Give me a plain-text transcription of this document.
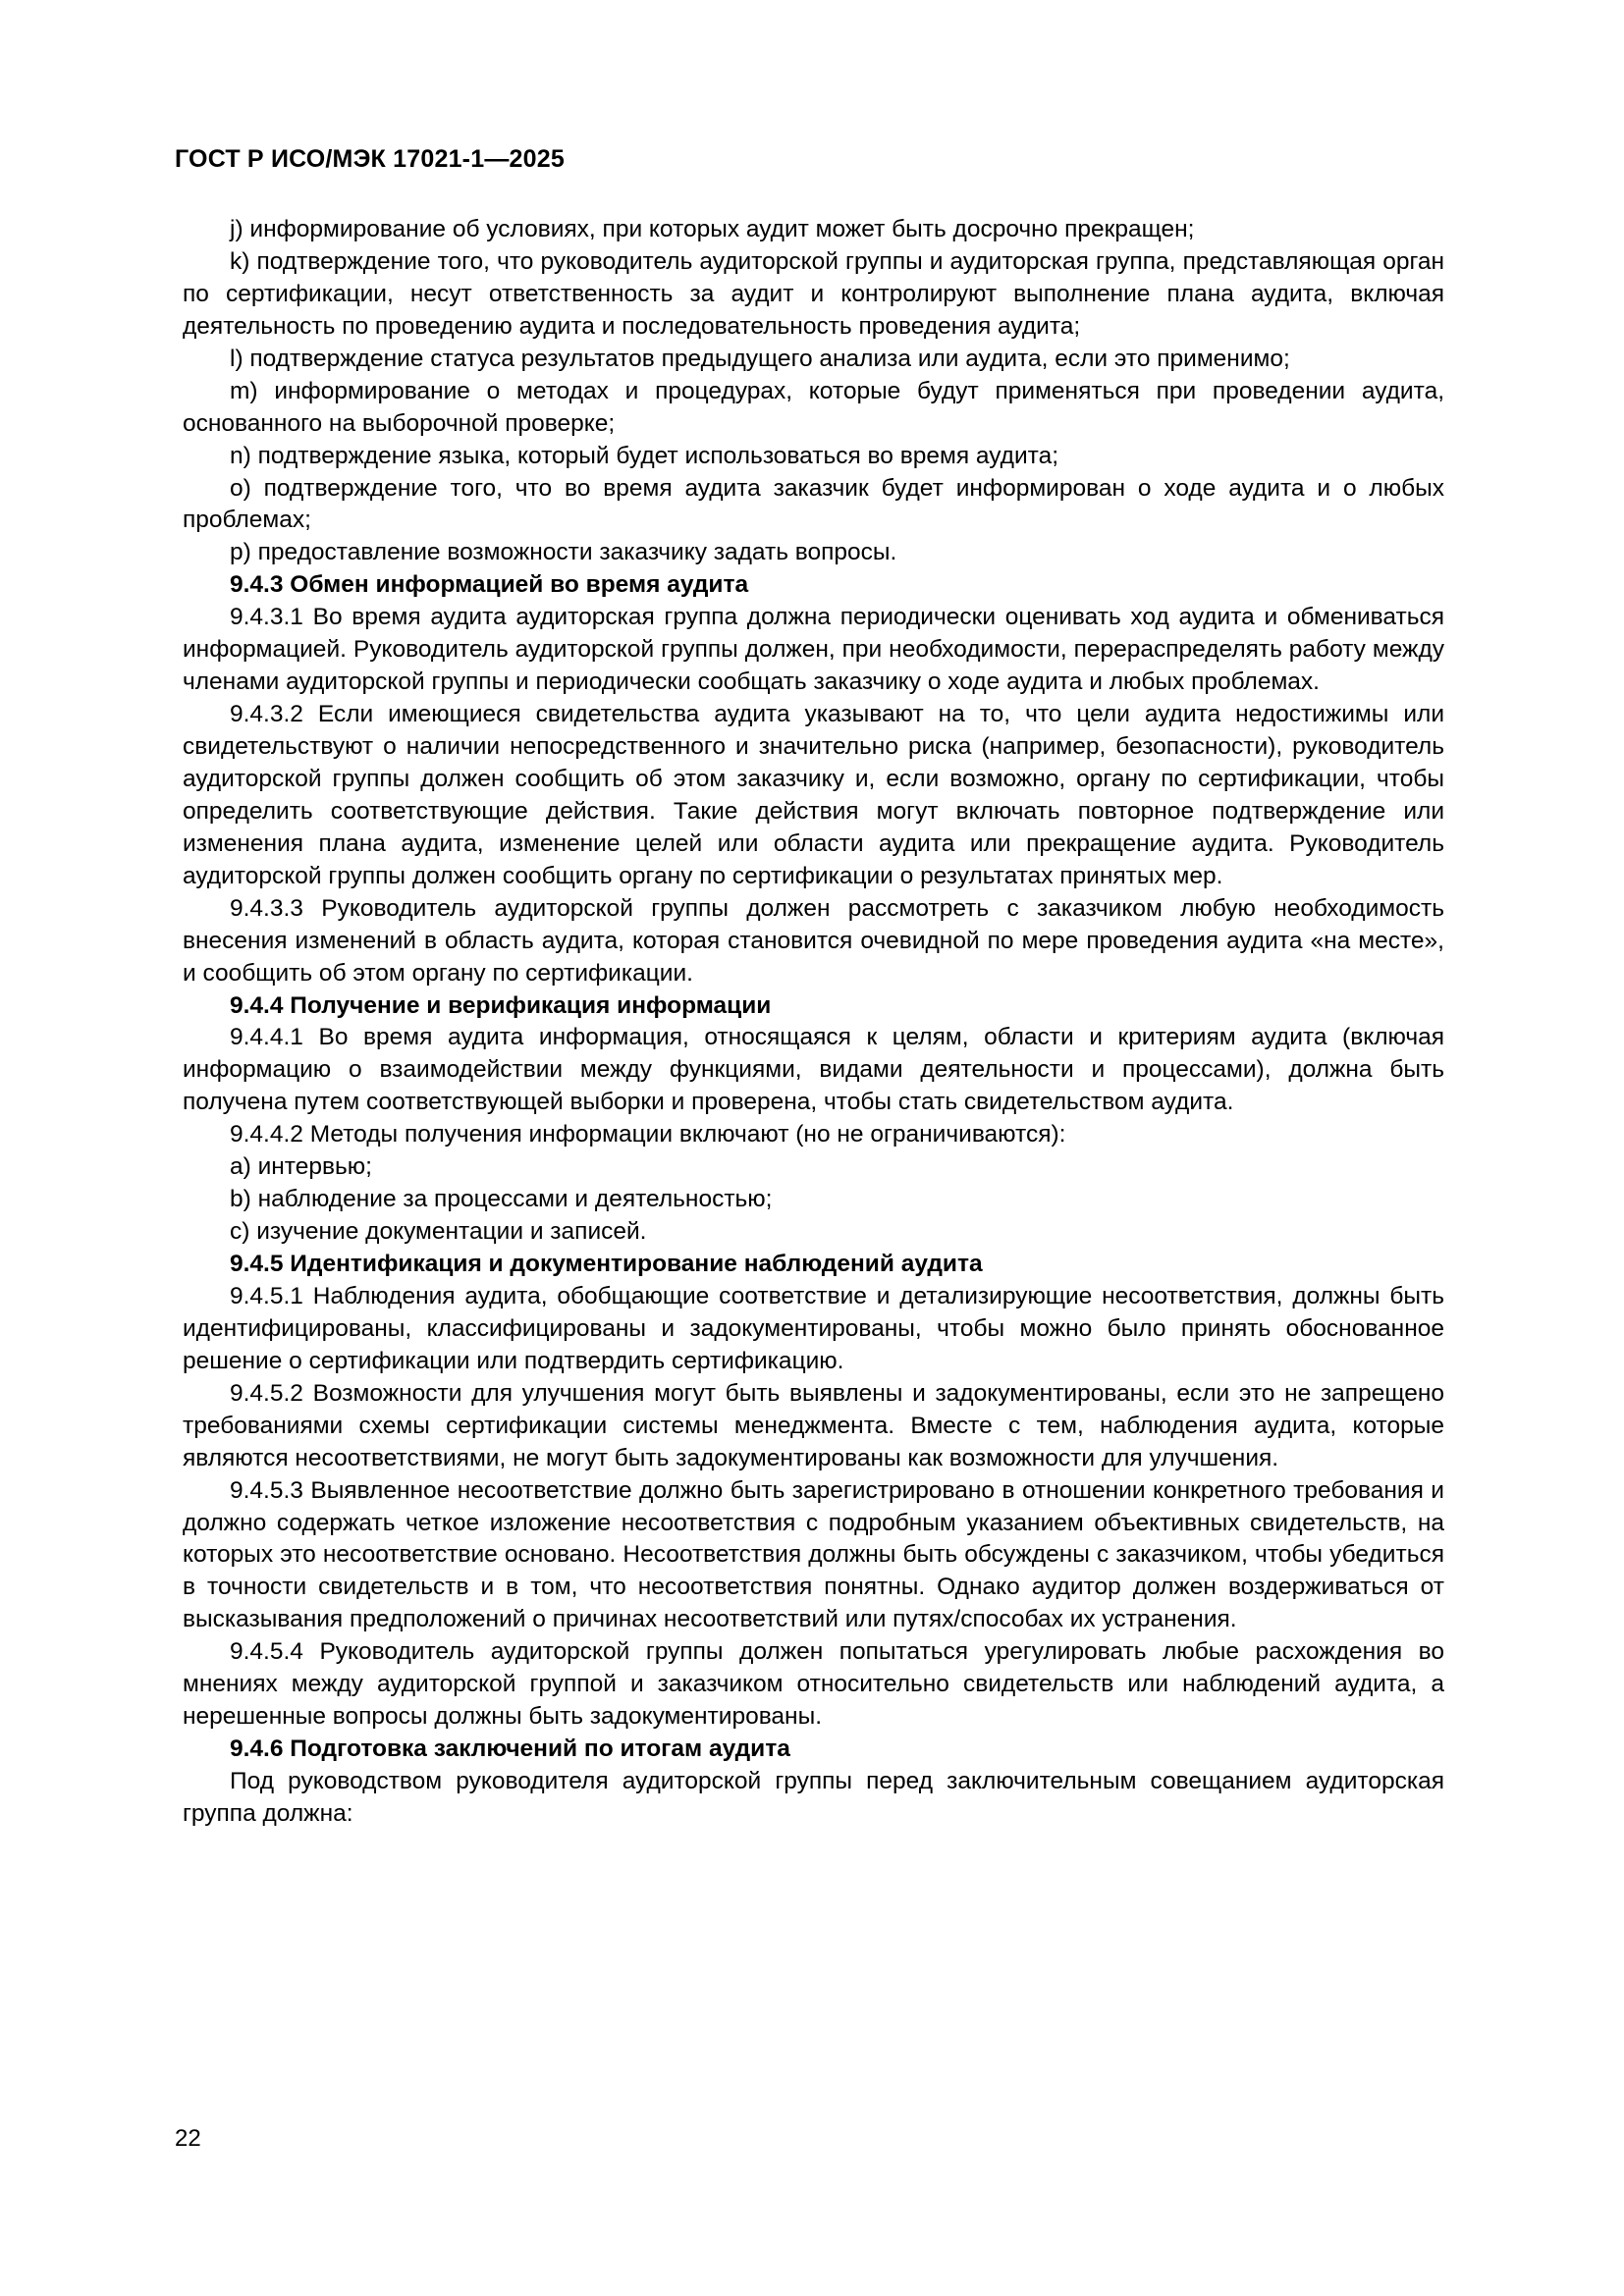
ГОСТ Р ИСО/МЭК 17021-1—2025

j) информирование об условиях, при которых аудит может быть досрочно прекращен;

k) подтверждение того, что руководитель аудиторской группы и аудиторская группа, представляющая орган по сертификации, несут ответственность за аудит и контролируют выполнение плана аудита, включая деятельность по проведению аудита и последовательность проведения аудита;

l) подтверждение статуса результатов предыдущего анализа или аудита, если это применимо;

m) информирование о методах и процедурах, которые будут применяться при проведении аудита, основанного на выборочной проверке;

n) подтверждение языка, который будет использоваться во время аудита;

o) подтверждение того, что во время аудита заказчик будет информирован о ходе аудита и о любых проблемах;

p) предоставление возможности заказчику задать вопросы.

9.4.3 Обмен информацией во время аудита

9.4.3.1 Во время аудита аудиторская группа должна периодически оценивать ход аудита и обмениваться информацией. Руководитель аудиторской группы должен, при необходимости, перераспределять работу между членами аудиторской группы и периодически сообщать заказчику о ходе аудита и любых проблемах.

9.4.3.2 Если имеющиеся свидетельства аудита указывают на то, что цели аудита недостижимы или свидетельствуют о наличии непосредственного и значительно риска (например, безопасности), руководитель аудиторской группы должен сообщить об этом заказчику и, если возможно, органу по сертификации, чтобы определить соответствующие действия. Такие действия могут включать повторное подтверждение или изменения плана аудита, изменение целей или области аудита или прекращение аудита. Руководитель аудиторской группы должен сообщить органу по сертификации о результатах принятых мер.

9.4.3.3 Руководитель аудиторской группы должен рассмотреть с заказчиком любую необходимость внесения изменений в область аудита, которая становится очевидной по мере проведения аудита «на месте», и сообщить об этом органу по сертификации.

9.4.4 Получение и верификация информации

9.4.4.1 Во время аудита информация, относящаяся к целям, области и критериям аудита (включая информацию о взаимодействии между функциями, видами деятельности и процессами), должна быть получена путем соответствующей выборки и проверена, чтобы стать свидетельством аудита.

9.4.4.2 Методы получения информации включают (но не ограничиваются):

a) интервью;

b) наблюдение за процессами и деятельностью;

c) изучение документации и записей.

9.4.5 Идентификация и документирование наблюдений аудита

9.4.5.1 Наблюдения аудита, обобщающие соответствие и детализирующие несоответствия, должны быть идентифицированы, классифицированы и задокументированы, чтобы можно было принять обоснованное решение о сертификации или подтвердить сертификацию.

9.4.5.2 Возможности для улучшения могут быть выявлены и задокументированы, если это не запрещено требованиями схемы сертификации системы менеджмента. Вместе с тем, наблюдения аудита, которые являются несоответствиями, не могут быть задокументированы как возможности для улучшения.

9.4.5.3 Выявленное несоответствие должно быть зарегистрировано в отношении конкретного требования и должно содержать четкое изложение несоответствия с подробным указанием объективных свидетельств, на которых это несоответствие основано. Несоответствия должны быть обсуждены с заказчиком, чтобы убедиться в точности свидетельств и в том, что несоответствия понятны. Однако аудитор должен воздерживаться от высказывания предположений о причинах несоответствий или путях/способах их устранения.

9.4.5.4 Руководитель аудиторской группы должен попытаться урегулировать любые расхождения во мнениях между аудиторской группой и заказчиком относительно свидетельств или наблюдений аудита, а нерешенные вопросы должны быть задокументированы.

9.4.6 Подготовка заключений по итогам аудита

Под руководством руководителя аудиторской группы перед заключительным совещанием аудиторская группа должна:

22
